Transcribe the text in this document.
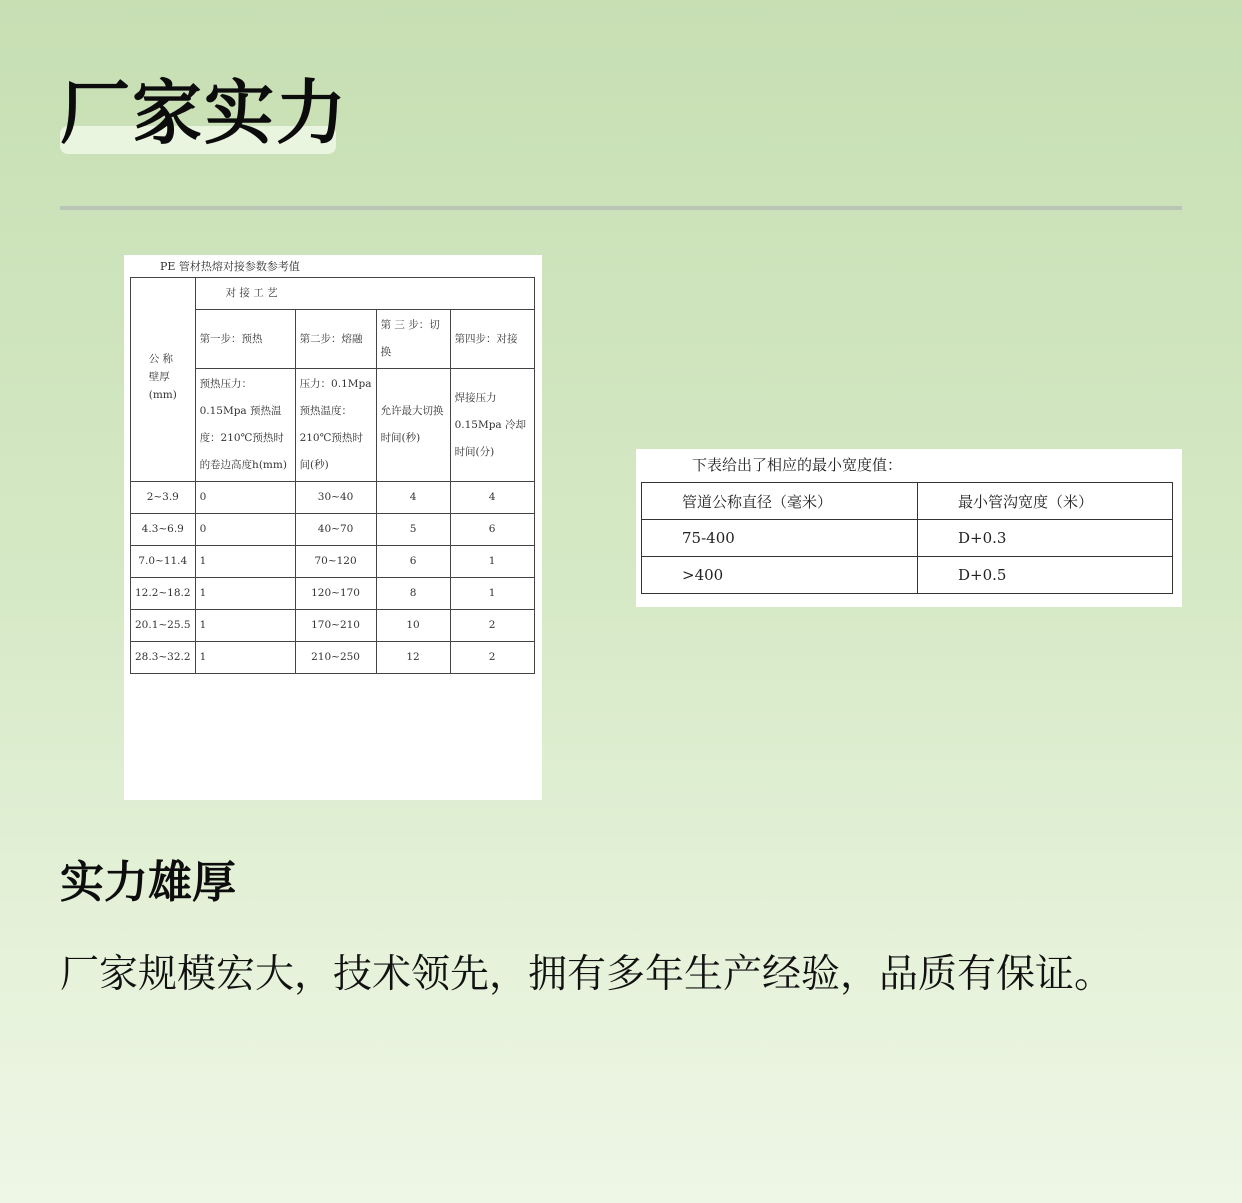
厂家实力
PE 管材热熔对接参数参考值
公 称
壁厚
(mm)	对 接 工 艺			
	第一步：预热	第二步：熔融	第 三 步：切换	第四步：对接
	预热压力：0.15Mpa 预热温度：210℃预热时的卷边高度h(mm)	压力：0.1Mpa 预热温度：210℃预热时间(秒)	允许最大切换 时间(秒)	焊接压力 0.15Mpa 冷却时间(分)
2~3.9	0	30~40	4	4
4.3~6.9	0	40~70	5	6
7.0~11.4	1	70~120	6	1
12.2~18.2	1	120~170	8	1
20.1~25.5	1	170~210	10	2
28.3~32.2	1	210~250	12	2
下表给出了相应的最小宽度值：
管道公称直径（毫米）	最小管沟宽度（米）
75-400	D+0.3
>400	D+0.5
实力雄厚

厂家规模宏大，技术领先，拥有多年生产经验，品质有保证。
